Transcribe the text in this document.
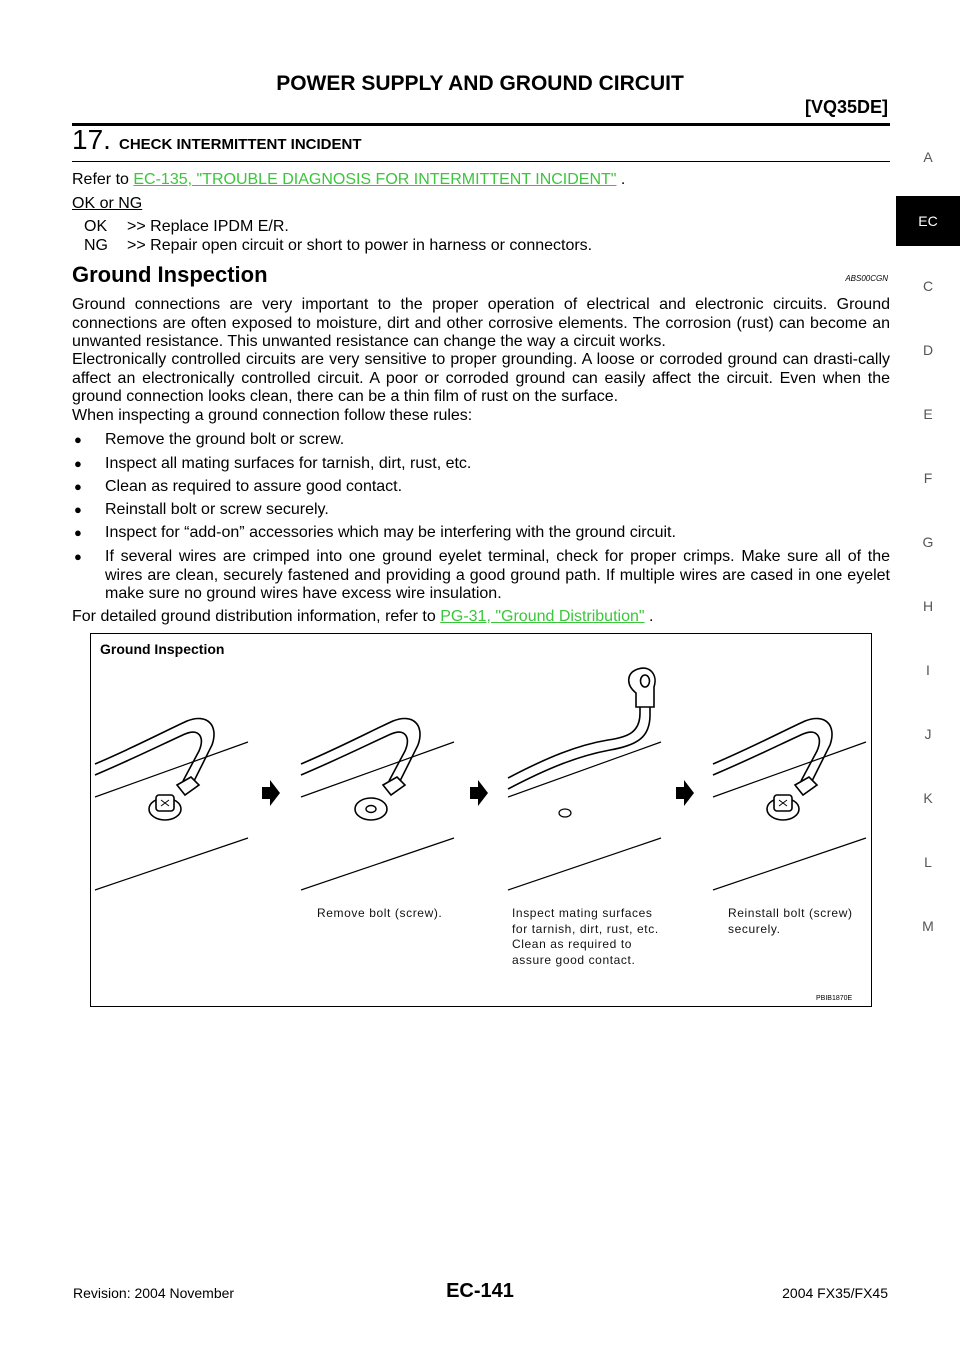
POWER SUPPLY AND GROUND CIRCUIT
[VQ35DE]
17. CHECK INTERMITTENT INCIDENT
Refer to EC-135, "TROUBLE DIAGNOSIS FOR INTERMITTENT INCIDENT" .
OK or NG
OK >> Replace IPDM E/R.
NG >> Repair open circuit or short to power in harness or connectors.
Ground Inspection	ABS00CGN
Ground connections are very important to the proper operation of electrical and electronic circuits. Ground connections are often exposed to moisture, dirt and other corrosive elements. The corrosion (rust) can become an unwanted resistance. This unwanted resistance can change the way a circuit works.
Electronically controlled circuits are very sensitive to proper grounding. A loose or corroded ground can drasti-cally affect an electronically controlled circuit. A poor or corroded ground can easily affect the circuit. Even when the ground connection looks clean, there can be a thin film of rust on the surface.
When inspecting a ground connection follow these rules:
● Remove the ground bolt or screw.
● Inspect all mating surfaces for tarnish, dirt, rust, etc.
● Clean as required to assure good contact.
● Reinstall bolt or screw securely.
● Inspect for “add-on” accessories which may be interfering with the ground circuit.
● If several wires are crimped into one ground eyelet terminal, check for proper crimps. Make sure all of the wires are clean, securely fastened and providing a good ground path. If multiple wires are cased in one eyelet make sure no ground wires have excess wire insulation.
For detailed ground distribution information, refer to PG-31, "Ground Distribution" .
Ground Inspection
Remove bolt (screw).	Inspect mating surfaces
for tarnish, dirt, rust, etc.
Clean as required to
assure good contact.
Reinstall bolt (screw)
securely.
PBIB1870E
A
EC
C
D
E
F
G
H
I
J
K
L
M
Revision: 2004 November	EC-141	2004 FX35/FX45
